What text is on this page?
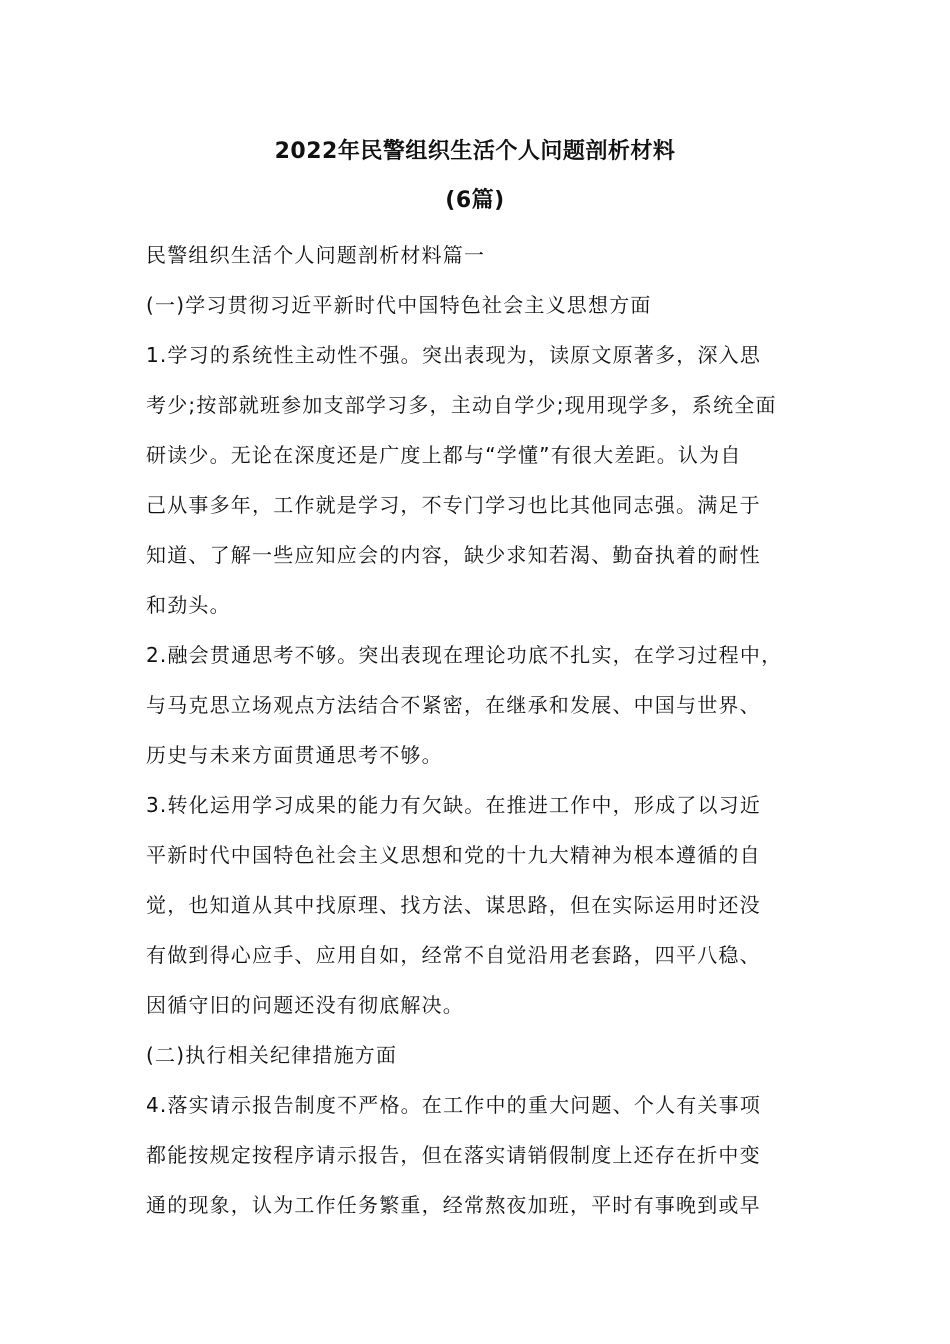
2022年民警组织生活个人问题剖析材料
(6篇)

民警组织生活个人问题剖析材料篇一

(一)学习贯彻习近平新时代中国特色社会主义思想方面

1.学习的系统性主动性不强。突出表现为，读原文原著多，深入思

考少;按部就班参加支部学习多，主动自学少;现用现学多，系统全面

研读少。无论在深度还是广度上都与“学懂”有很大差距。认为自

己从事多年，工作就是学习，不专门学习也比其他同志强。满足于

知道、了解一些应知应会的内容，缺少求知若渴、勤奋执着的耐性

和劲头。

2.融会贯通思考不够。突出表现在理论功底不扎实，在学习过程中，

与马克思立场观点方法结合不紧密，在继承和发展、中国与世界、

历史与未来方面贯通思考不够。

3.转化运用学习成果的能力有欠缺。在推进工作中，形成了以习近

平新时代中国特色社会主义思想和党的十九大精神为根本遵循的自

觉，也知道从其中找原理、找方法、谋思路，但在实际运用时还没

有做到得心应手、应用自如，经常不自觉沿用老套路，四平八稳、

因循守旧的问题还没有彻底解决。

(二)执行相关纪律措施方面

4.落实请示报告制度不严格。在工作中的重大问题、个人有关事项

都能按规定按程序请示报告，但在落实请销假制度上还存在折中变

通的现象，认为工作任务繁重，经常熬夜加班，平时有事晚到或早
